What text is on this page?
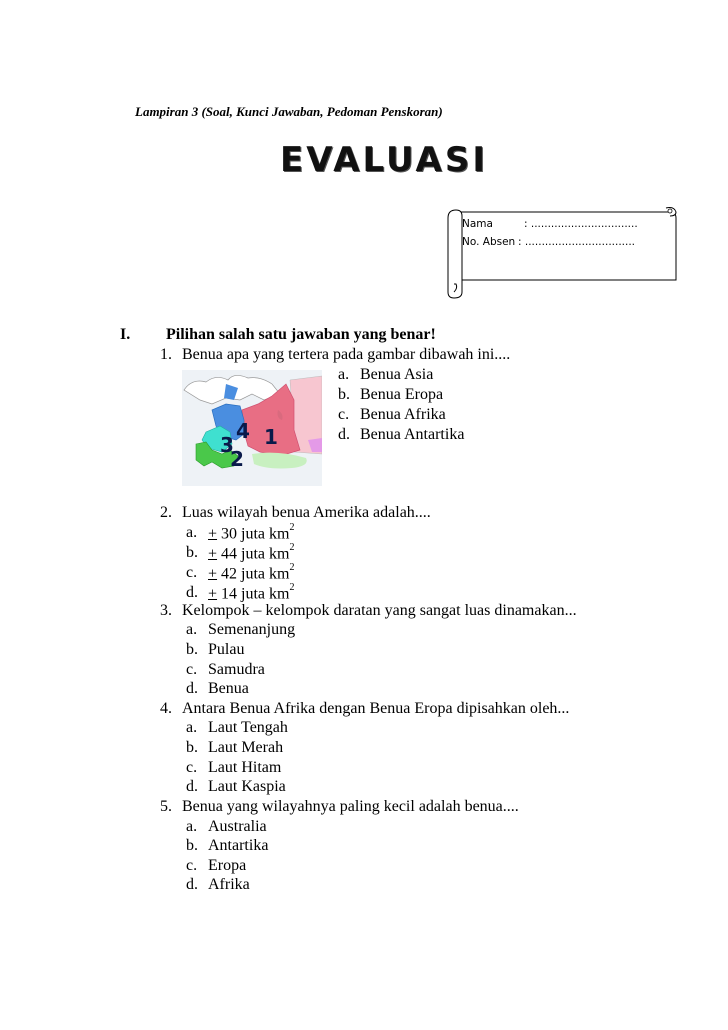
Lampiran 3 (Soal, Kunci Jawaban, Pedoman Penskoran)
EVALUASI
Nama	: ................................
No. Absen : .................................
I. Pilihan salah satu jawaban yang benar!
1. Benua apa yang tertera pada gambar dibawah ini....
4 1
3
2
a. Benua Asia
b. Benua Eropa
c. Benua Afrika
d. Benua Antartika
2. Luas wilayah benua Amerika adalah....
a. + 30 juta $km^2$
b. + 44 juta $km^2$
c. + 42 juta $km^2$
d. + 14 juta $km^2$
3. Kelompok – kelompok daratan yang sangat luas dinamakan...
a. Semenanjung
b. Pulau
c. Samudra
d. Benua
4. Antara Benua Afrika dengan Benua Eropa dipisahkan oleh...
a. Laut Tengah
b. Laut Merah
c. Laut Hitam
d. Laut Kaspia
5. Benua yang wilayahnya paling kecil adalah benua....
a. Australia
b. Antartika
c. Eropa
d. Afrika
